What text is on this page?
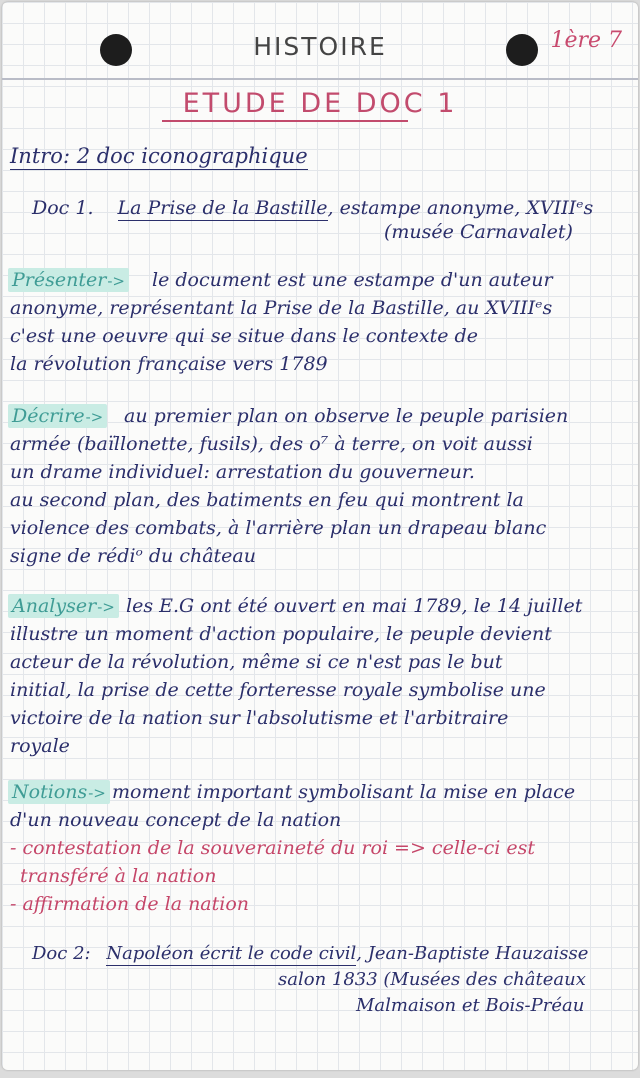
HISTOIRE	1ère 7
ETUDE DE DOC 1
Intro: 2 doc iconographique
Doc 1. La Prise de la Bastille, estampe anonyme, XVIIIᵉs
(musée Carnavalet)
Présenter-> le document est une estampe d'un auteur
anonyme, représentant la Prise de la Bastille, au XVIIIᵉs
c'est une oeuvre qui se situe dans le contexte de
la révolution française vers 1789
Décrire-> au premier plan on observe le peuple parisien
armée (baïllonette, fusils), des o⁷ à terre, on voit aussi
un drame individuel: arrestation du gouverneur.
au second plan, des batiments en feu qui montrent la
violence des combats, à l'arrière plan un drapeau blanc
signe de rédiᵒ du château
Analyser-> les E.G ont été ouvert en mai 1789, le 14 juillet
illustre un moment d'action populaire, le peuple devient
acteur de la révolution, même si ce n'est pas le but
initial, la prise de cette forteresse royale symbolise une
victoire de la nation sur l'absolutisme et l'arbitraire
royale
Notions-> moment important symbolisant la mise en place
d'un nouveau concept de la nation
- contestation de la souveraineté du roi => celle-ci est
transféré à la nation
- affirmation de la nation
Doc 2: Napoléon écrit le code civil, Jean-Baptiste Hauzaisse
salon 1833 (Musées des châteaux
Malmaison et Bois-Préau
